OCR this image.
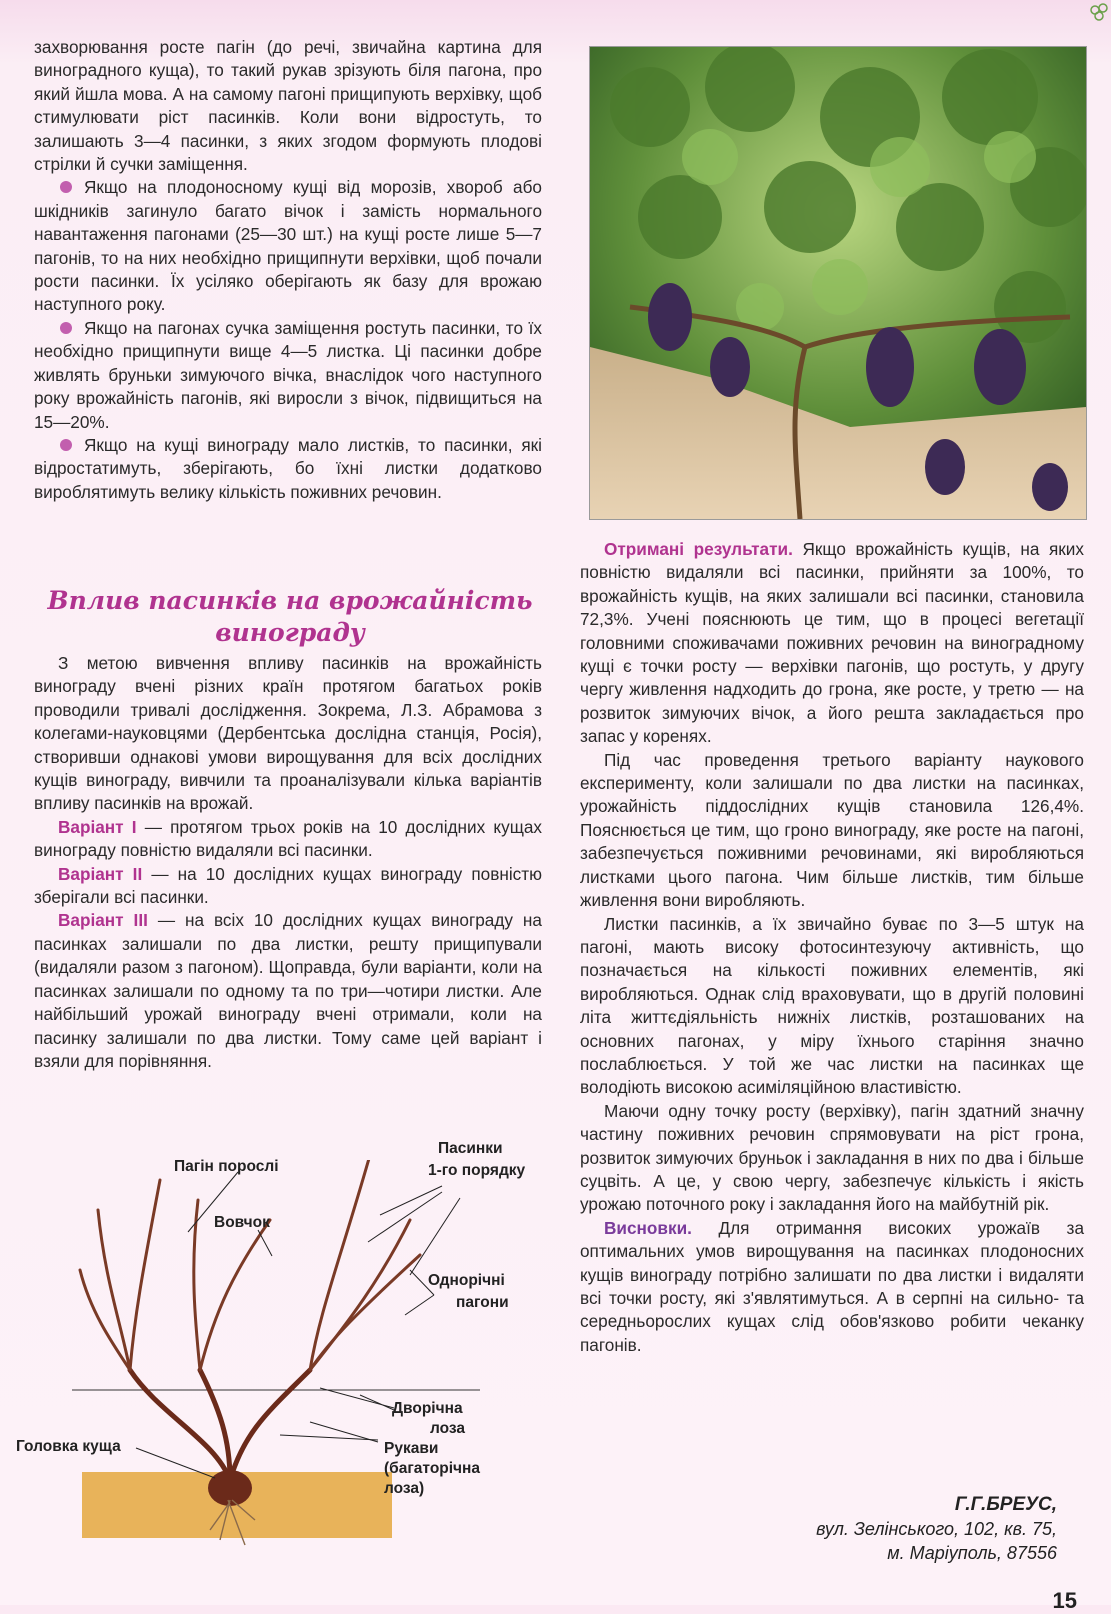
захворювання росте пагін (до речі, звичайна картина для виноградного куща), то такий рукав зрізують біля пагона, про який йшла мова. А на самому пагоні прищипують верхівку, щоб стимулювати ріст пасинків. Коли вони відростуть, то залишають 3—4 пасинки, з яких згодом формують плодові стрілки й сучки заміщення.

Якщо на плодоносному кущі від морозів, хвороб або шкідників загинуло багато вічок і замість нормального навантаження пагонами (25—30 шт.) на кущі росте лише 5—7 пагонів, то на них необхідно прищипнути верхівки, щоб почали рости пасинки. Їх усіляко оберігають як базу для врожаю наступного року.

Якщо на пагонах сучка заміщення ростуть пасинки, то їх необхідно прищипнути вище 4—5 листка. Ці пасинки добре живлять бруньки зимуючого вічка, внаслідок чого наступного року врожайність пагонів, які виросли з вічок, підвищиться на 15—20%.

Якщо на кущі винограду мало листків, то пасинки, які відростатимуть, зберігають, бо їхні листки додатково вироблятимуть велику кількість поживних речовин.

Вплив пасинків на врожайність
винограду

З метою вивчення впливу пасинків на врожайність винограду вчені різних країн протягом багатьох років проводили тривалі дослідження. Зокрема, Л.З. Абрамова з колегами-науковцями (Дербентська дослідна станція, Росія), створивши однакові умови вирощування для всіх дослідних кущів винограду, вивчили та проаналізували кілька варіантів впливу пасинків на врожай.

Варіант I — протягом трьох років на 10 дослідних кущах винограду повністю видаляли всі пасинки.

Варіант II — на 10 дослідних кущах винограду повністю зберігали всі пасинки.

Варіант III — на всіх 10 дослідних кущах винограду на пасинках залишали по два листки, решту прищипували (видаляли разом з пагоном). Щоправда, були варіанти, коли на пасинках залишали по одному та по три—чотири листки. Але найбільший урожай винограду вчені отримали, коли на пасинку залишали по два листки. Тому саме цей варіант і взяли для порівняння.

Отримані результати. Якщо врожайність кущів, на яких повністю видаляли всі пасинки, прийняти за 100%, то врожайність кущів, на яких залишали всі пасинки, становила 72,3%. Учені пояснюють це тим, що в процесі вегетації головними споживачами поживних речовин на виноградному кущі є точки росту — верхівки пагонів, що ростуть, у другу чергу живлення надходить до грона, яке росте, у третю — на розвиток зимуючих вічок, а його решта закладається про запас у коренях.

Під час проведення третього варіанту наукового експерименту, коли залишали по два листки на пасинках, урожайність піддослідних кущів становила 126,4%. Пояснюється це тим, що гроно винограду, яке росте на пагоні, забезпечується поживними речовинами, які виробляються листками цього пагона. Чим більше листків, тим більше живлення вони виробляють.

Листки пасинків, а їх звичайно буває по 3—5 штук на пагоні, мають високу фотосинтезуючу активність, що позначається на кількості поживних елементів, які виробляються. Однак слід враховувати, що в другій половині літа життєдіяльність нижніх листків, розташованих на основних пагонах, у міру їхнього старіння значно послаблюється. У той же час листки на пасинках ще володіють високою асиміляційною властивістю.

Маючи одну точку росту (верхівку), пагін здатний значну частину поживних речовин спрямовувати на ріст грона, розвиток зимуючих бруньок і закладання в них по два і більше суцвіть. А це, у свою чергу, забезпечує кількість і якість урожаю поточного року і закладання його на майбутній рік.

Висновки. Для отримання високих урожаїв за оптимальних умов вирощування на пасинках плодоносних кущів винограду потрібно залишати по два листки і видаляти всі точки росту, які з'являтимуться. А в серпні на сильно- та середньорослих кущах слід обов'язково робити чеканку пагонів.

Пагін порослі
Пасинки
1-го порядку
Вовчок
Однорічні
пагони
Дворічна
лоза
Головка куща	Рукави
(багаторічна
лоза)
Г.Г.БРЕУС,
вул. Зелінського, 102, кв. 75,
м. Маріуполь, 87556
15
